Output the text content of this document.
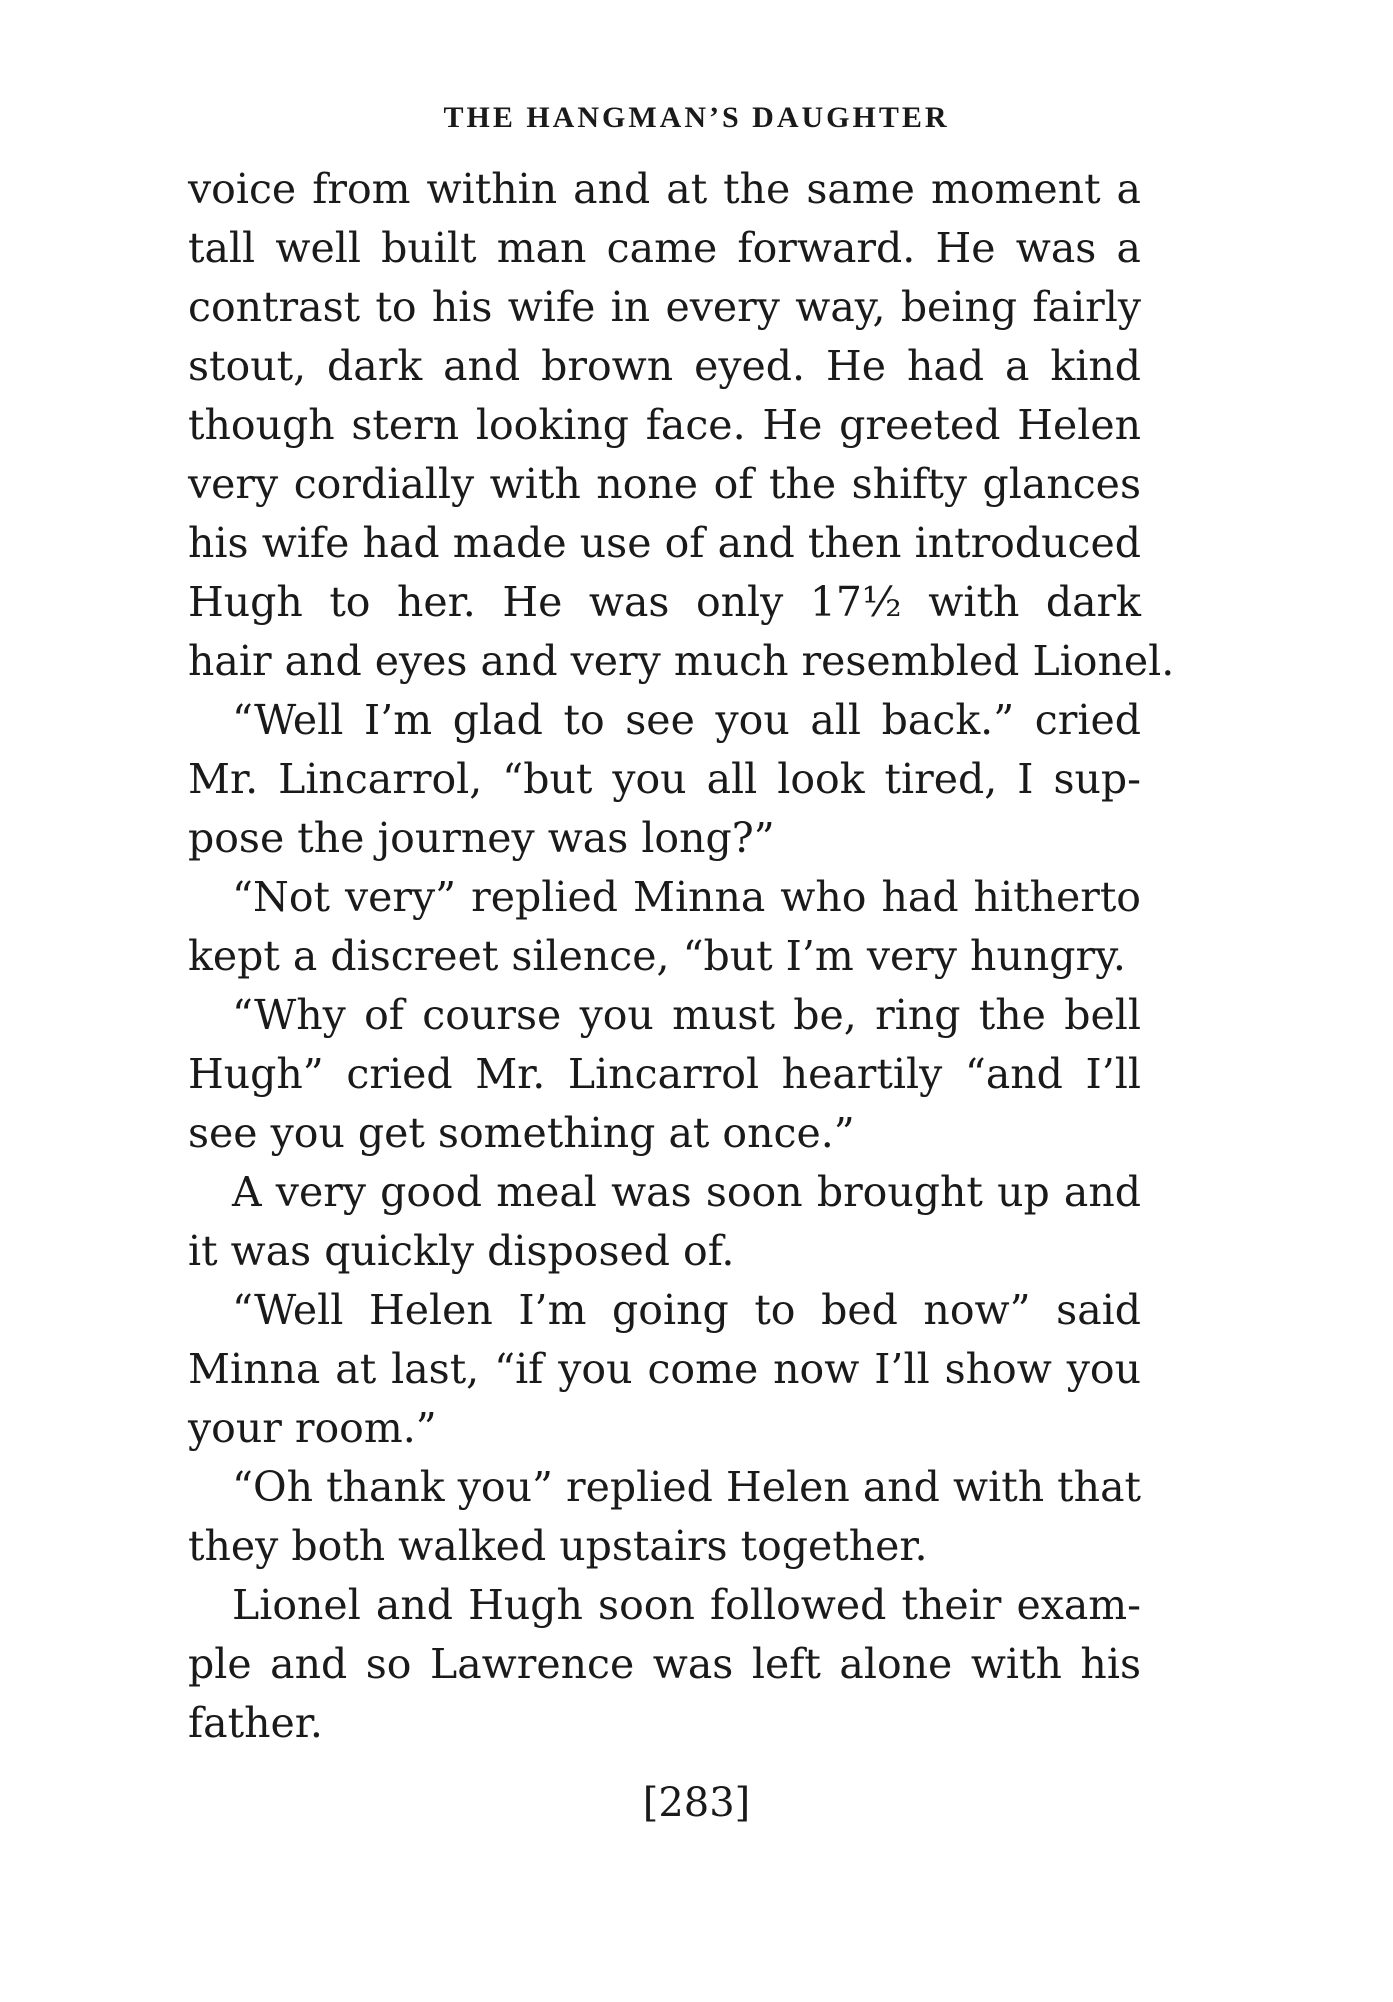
THE HANGMAN’S DAUGHTER
voice from within and at the same moment a
tall well built man came forward. He was a
contrast to his wife in every way, being fairly
stout, dark and brown eyed. He had a kind
though stern looking face. He greeted Helen
very cordially with none of the shifty glances
his wife had made use of and then introduced
Hugh to her. He was only 17½ with dark
hair and eyes and very much resembled Lionel.
“Well I’m glad to see you all back.” cried
Mr. Lincarrol, “but you all look tired, I sup-
pose the journey was long?”
“Not very” replied Minna who had hitherto
kept a discreet silence, “but I’m very hungry.
“Why of course you must be, ring the bell
Hugh” cried Mr. Lincarrol heartily “and I’ll
see you get something at once.”
A very good meal was soon brought up and
it was quickly disposed of.
“Well Helen I’m going to bed now” said
Minna at last, “if you come now I’ll show you
your room.”
“Oh thank you” replied Helen and with that
they both walked upstairs together.
Lionel and Hugh soon followed their exam-
ple and so Lawrence was left alone with his
father.
[283]
